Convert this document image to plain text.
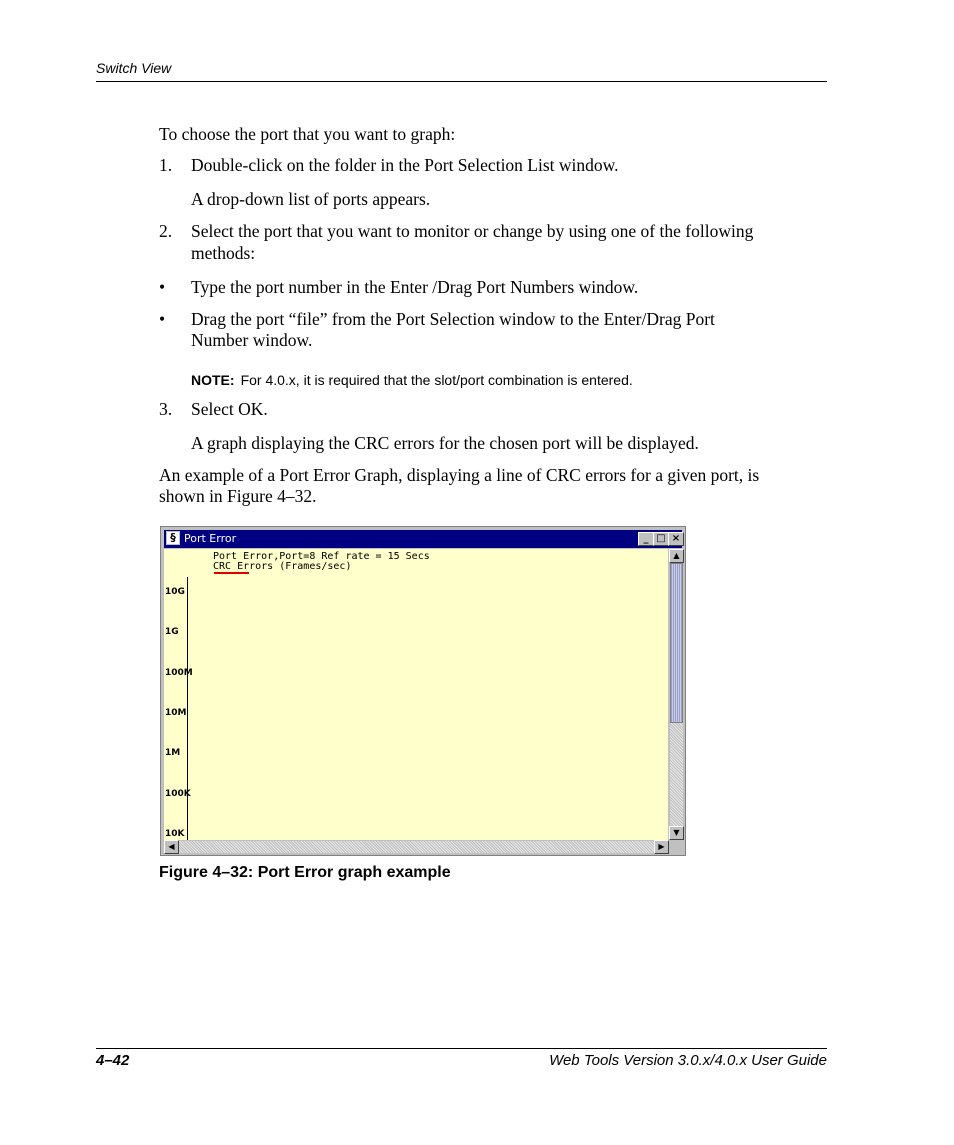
Switch View
To choose the port that you want to graph:
1. Double-click on the folder in the Port Selection List window.
A drop-down list of ports appears.
2. Select the port that you want to monitor or change by using one of the following
methods:
• Type the port number in the Enter /Drag Port Numbers window.
• Drag the port “file” from the Port Selection window to the Enter/Drag Port
Number window.
NOTE: For 4.0.x, it is required that the slot/port combination is entered.
3. Select OK.
A graph displaying the CRC errors for the chosen port will be displayed.
An example of a Port Error Graph, displaying a line of CRC errors for a given port, is
shown in Figure 4–32.
§ Port Error	_ □ ×
Port Error,Port=8 Ref rate = 15 Secs
CRC Errors (Frames/sec)
10G
1G
100M
10M
1M
100K
10K
▲
▼
◀	▶
Figure 4–32: Port Error graph example
4–42	Web Tools Version 3.0.x/4.0.x User Guide
